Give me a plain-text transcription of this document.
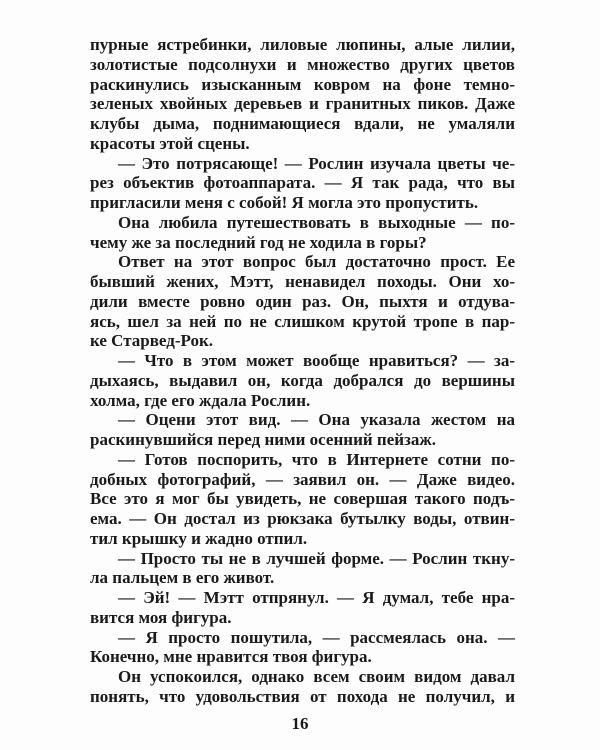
пурные ястребинки, лиловые люпины, алые лилии,
золотистые подсолнухи и множество других цветов
раскинулись изысканным ковром на фоне темно-
зеленых хвойных деревьев и гранитных пиков. Даже
клубы дыма, поднимающиеся вдали, не умаляли
красоты этой сцены.
— Это потрясающе! — Рослин изучала цветы че-
рез объектив фотоаппарата. — Я так рада, что вы
пригласили меня с собой! Я могла это пропустить.
Она любила путешествовать в выходные — по-
чему же за последний год не ходила в горы?
Ответ на этот вопрос был достаточно прост. Ее
бывший жених, Мэтт, ненавидел походы. Они хо-
дили вместе ровно один раз. Он, пыхтя и отдува-
ясь, шел за ней по не слишком крутой тропе в пар-
ке Старвед-Рок.
— Что в этом может вообще нравиться? — за-
дыхаясь, выдавил он, когда добрался до вершины
холма, где его ждала Рослин.
— Оцени этот вид. — Она указала жестом на
раскинувшийся перед ними осенний пейзаж.
— Готов поспорить, что в Интернете сотни по-
добных фотографий, — заявил он. — Даже видео.
Все это я мог бы увидеть, не совершая такого подъ-
ема. — Он достал из рюкзака бутылку воды, отвин-
тил крышку и жадно отпил.
— Просто ты не в лучшей форме. — Рослин ткну-
ла пальцем в его живот.
— Эй! — Мэтт отпрянул. — Я думал, тебе нра-
вится моя фигура.
— Я просто пошутила, — рассмеялась она. —
Конечно, мне нравится твоя фигура.
Он успокоился, однако всем своим видом давал
понять, что удовольствия от похода не получил, и
16
